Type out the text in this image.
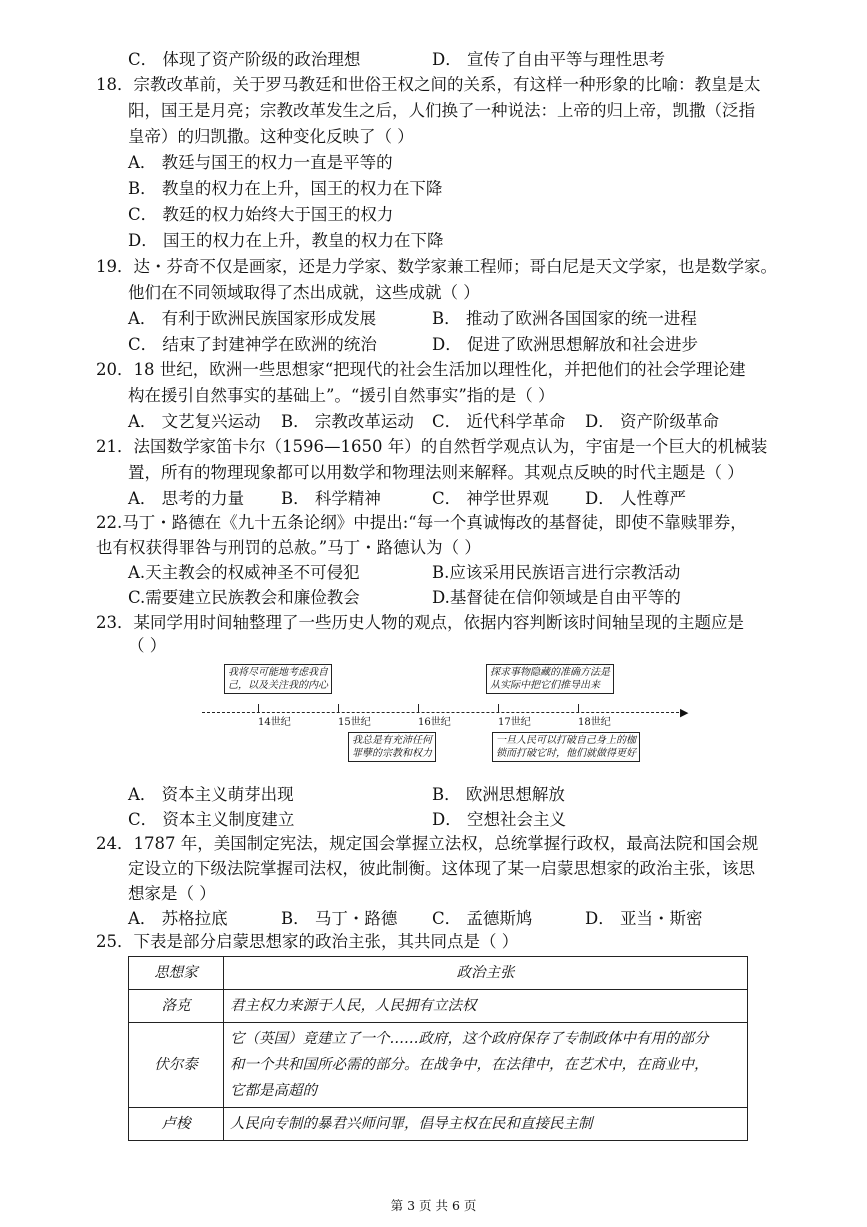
C． 体现了资产阶级的政治理想	D． 宣传了自由平等与理性思考
18．宗教改革前，关于罗马教廷和世俗王权之间的关系，有这样一种形象的比喻：教皇是太
阳，国王是月亮；宗教改革发生之后，人们换了一种说法：上帝的归上帝，凯撒（泛指
皇帝）的归凯撒。这种变化反映了（ ）
A． 教廷与国王的权力一直是平等的
B． 教皇的权力在上升，国王的权力在下降
C． 教廷的权力始终大于国王的权力
D． 国王的权力在上升，教皇的权力在下降
19．达・芬奇不仅是画家，还是力学家、数学家兼工程师；哥白尼是天文学家，也是数学家。
他们在不同领域取得了杰出成就，这些成就（ ）
A． 有利于欧洲民族国家形成发展	B． 推动了欧洲各国国家的统一进程
C． 结束了封建神学在欧洲的统治	D． 促进了欧洲思想解放和社会进步
20．18 世纪，欧洲一些思想家“把现代的社会生活加以理性化，并把他们的社会学理论建
构在援引自然事实的基础上”。“援引自然事实”指的是（ ）
A． 文艺复兴运动 B． 宗教改革运动 C． 近代科学革命 D． 资产阶级革命
21．法国数学家笛卡尔（1596—1650 年）的自然哲学观点认为，宇宙是一个巨大的机械装
置，所有的物理现象都可以用数学和物理法则来解释。其观点反映的时代主题是（ ）
A． 思考的力量 B． 科学精神	C． 神学世界观 D． 人性尊严
22.马丁・路德在《九十五条论纲》中提出:“每一个真诚悔改的基督徒，即使不靠赎罪券，
也有权获得罪咎与刑罚的总赦。”马丁・路德认为（ ）
A.天主教会的权威神圣不可侵犯	B.应该采用民族语言进行宗教活动
C.需要建立民族教会和廉俭教会	D.基督徒在信仰领域是自由平等的
23．某同学用时间轴整理了一些历史人物的观点，依据内容判断该时间轴呈现的主题应是
（ ）
我将尽可能地考虑我自
己，以及关注我的内心
探求事物隐藏的准确方法是
从实际中把它们推导出来
▶
14世纪	15世纪	16世纪	17世纪	18世纪
我总是有充沛任何
罪孽的宗教和权力
一旦人民可以打破自己身上的枷
锁而打破它时，他们就做得更好
A． 资本主义萌芽出现	B． 欧洲思想解放
C． 资本主义制度建立	D． 空想社会主义
24．1787 年，美国制定宪法，规定国会掌握立法权，总统掌握行政权，最高法院和国会规
定设立的下级法院掌握司法权，彼此制衡。这体现了某一启蒙思想家的政治主张，该思
想家是（ ）
A． 苏格拉底	B． 马丁・路德 C． 孟德斯鸠	D． 亚当・斯密
25．下表是部分启蒙思想家的政治主张，其共同点是（ ）
思想家	政治主张
洛克	君主权力来源于人民，人民拥有立法权

伏尔泰	它（英国）竟建立了一个……政府，这个政府保存了专制政体中有用的部分
和一个共和国所必需的部分。在战争中，在法律中，在艺术中，在商业中，
它都是高超的

卢梭	人民向专制的暴君兴师问罪，倡导主权在民和直接民主制
第 3 页 共 6 页
